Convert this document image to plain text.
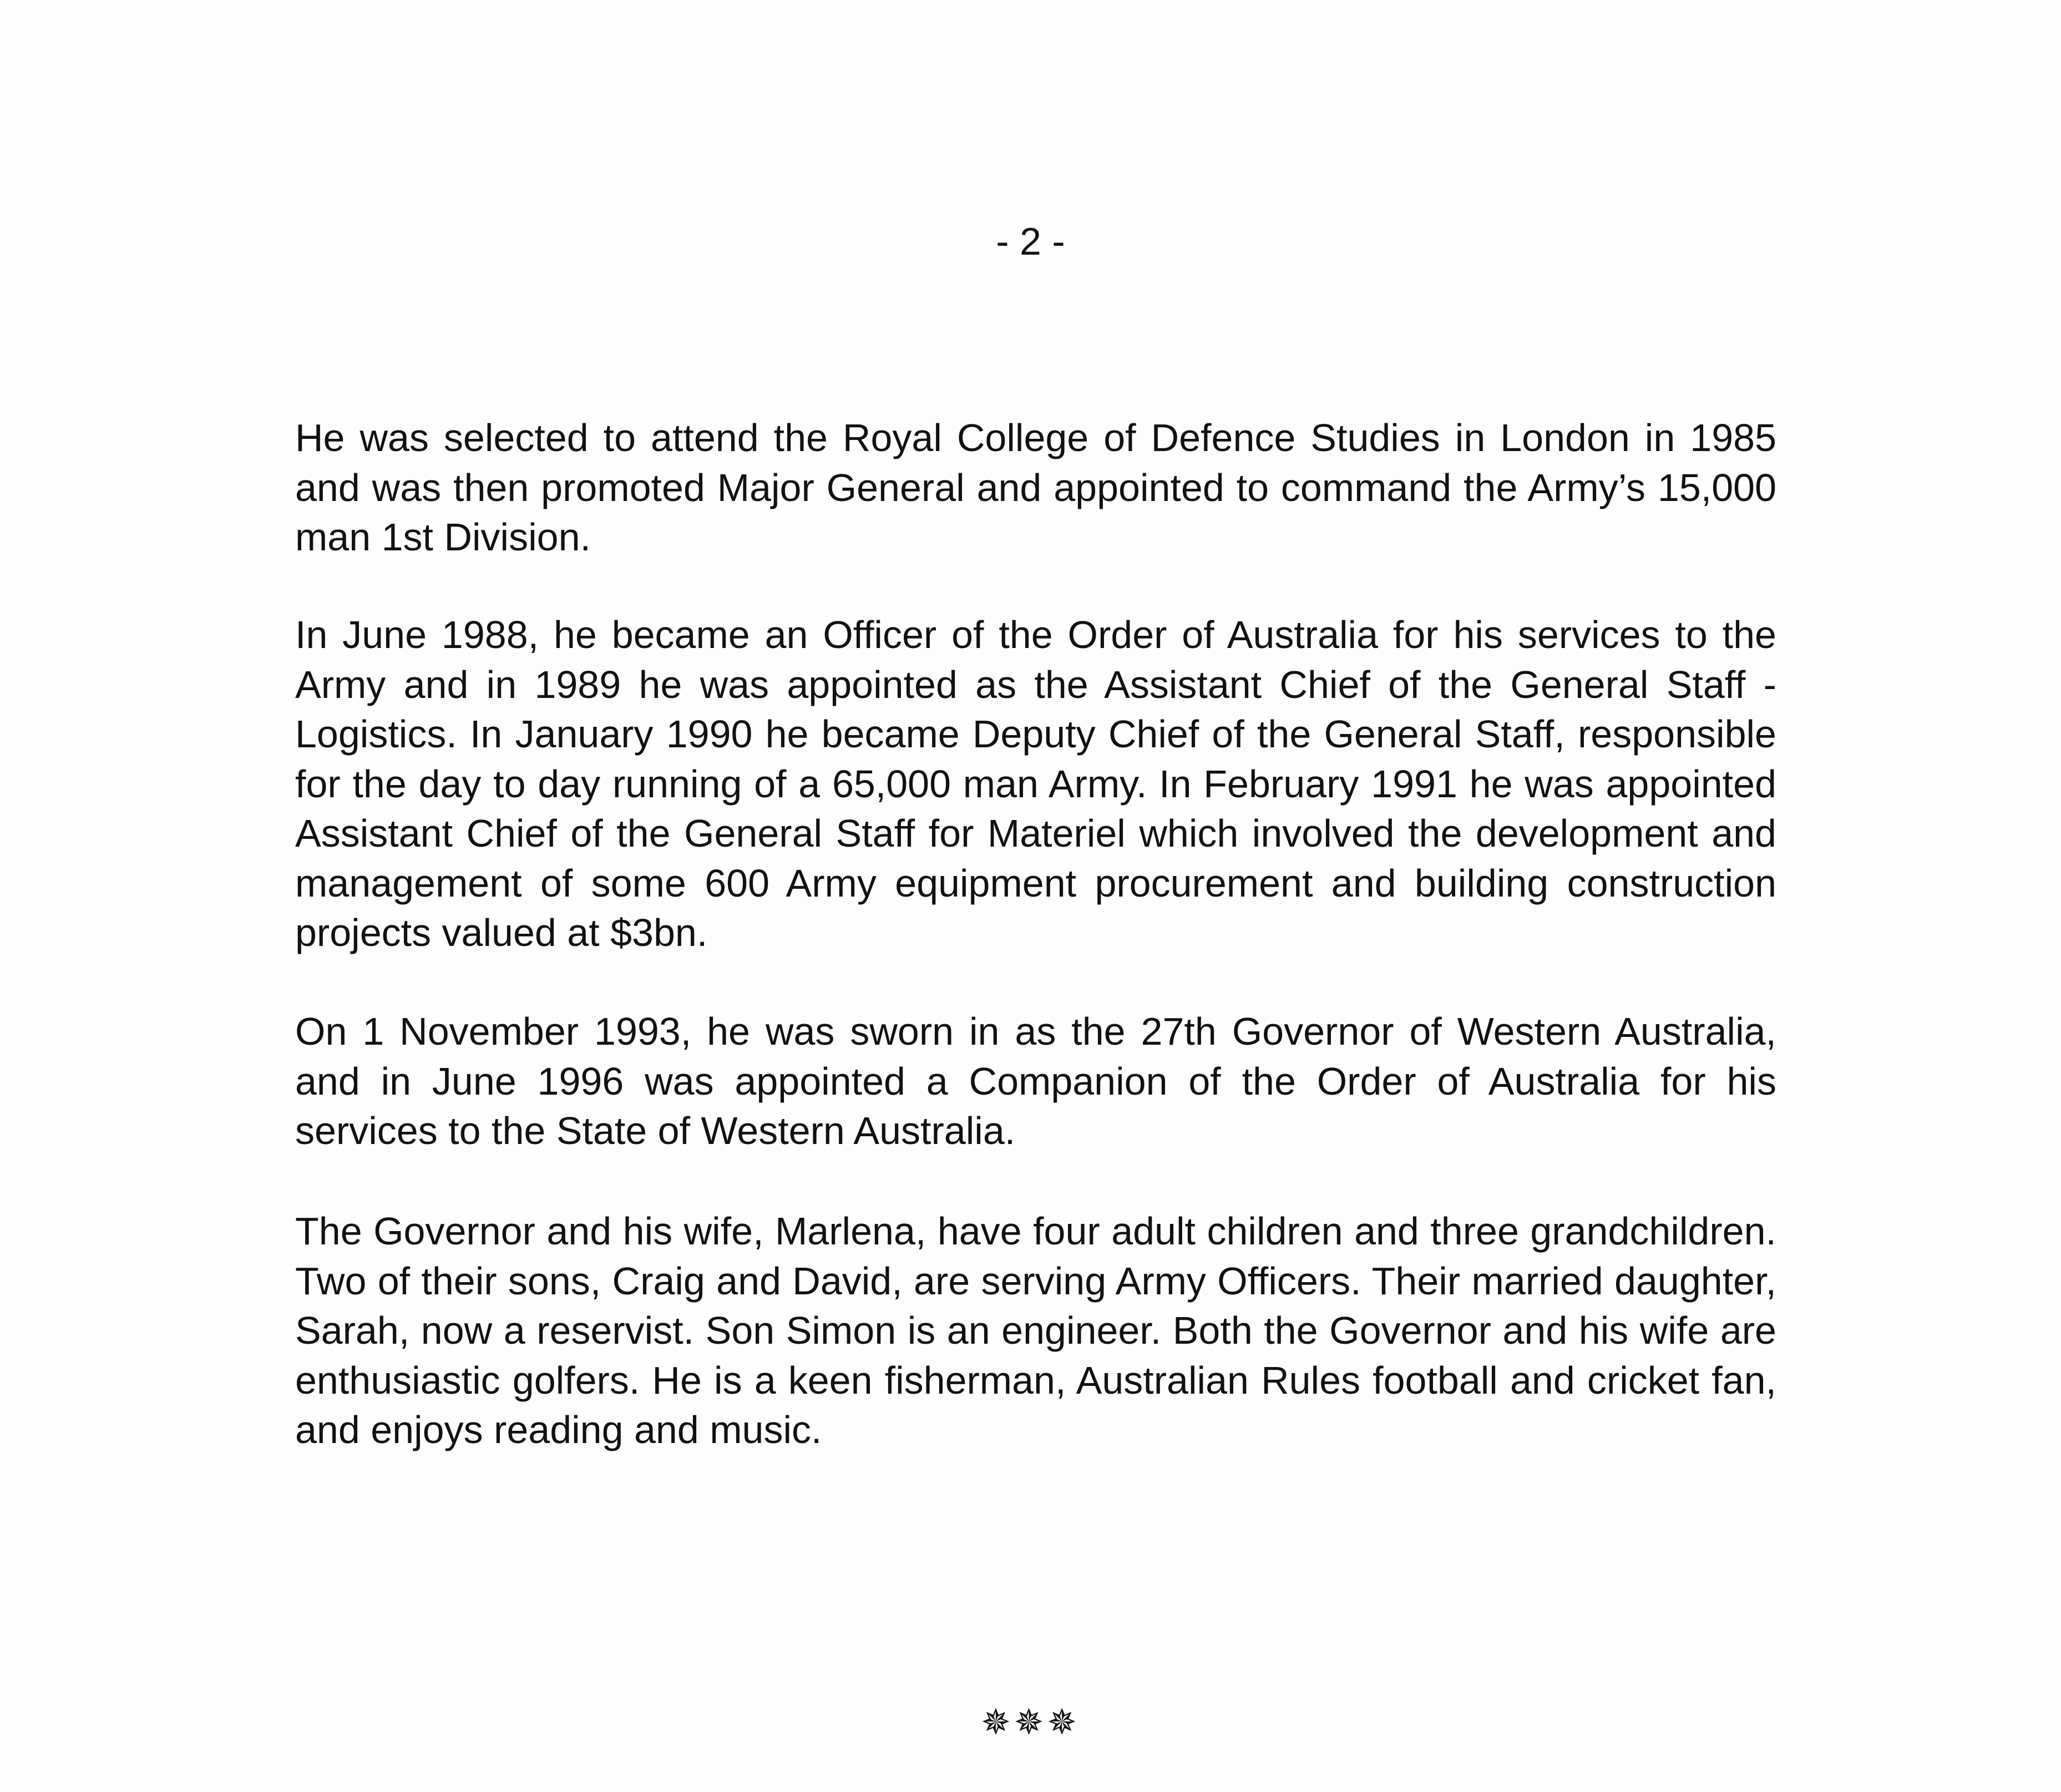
- 2 -

He was selected to attend the Royal College of Defence Studies in London in 1985 and was then promoted Major General and appointed to command the Army’s 15,000 man 1st Division.

In June 1988, he became an Officer of the Order of Australia for his services to the Army and in 1989 he was appointed as the Assistant Chief of the General Staff - Logistics. In January 1990 he became Deputy Chief of the General Staff, responsible for the day to day running of a 65,000 man Army. In February 1991 he was appointed Assistant Chief of the General Staff for Materiel which involved the development and management of some 600 Army equipment procurement and building construction projects valued at $3bn.

On 1 November 1993, he was sworn in as the 27th Governor of Western Australia, and in June 1996 was appointed a Companion of the Order of Australia for his services to the State of Western Australia.

The Governor and his wife, Marlena, have four adult children and three grandchildren. Two of their sons, Craig and David, are serving Army Officers. Their married daughter, Sarah, now a reservist. Son Simon is an engineer. Both the Governor and his wife are enthusiastic golfers. He is a keen fisherman, Australian Rules football and cricket fan, and enjoys reading and music.

✵✵✵
